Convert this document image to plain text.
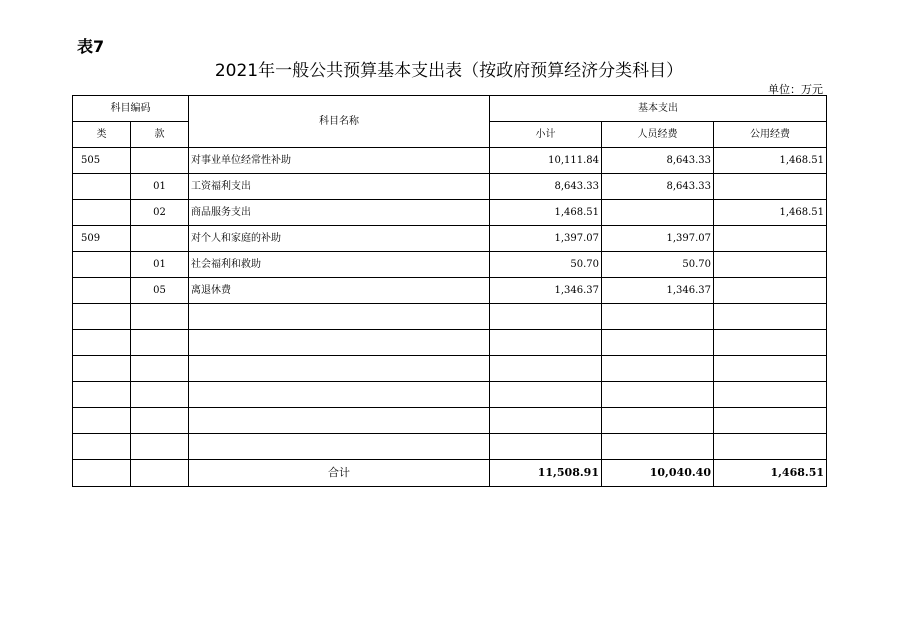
表7
2021年一般公共预算基本支出表（按政府预算经济分类科目）
单位：万元
科目编码		科目名称	基本支出		
类	款		小计	人员经费	公用经费
505		对事业单位经常性补助	10,111.84	8,643.33	1,468.51
	01	工资福利支出	8,643.33	8,643.33	
	02	商品服务支出	1,468.51		1,468.51
509		对个人和家庭的补助	1,397.07	1,397.07	
	01	社会福利和救助	50.70	50.70	
	05	离退休费	1,346.37	1,346.37	

		合计	11,508.91	10,040.40	1,468.51
